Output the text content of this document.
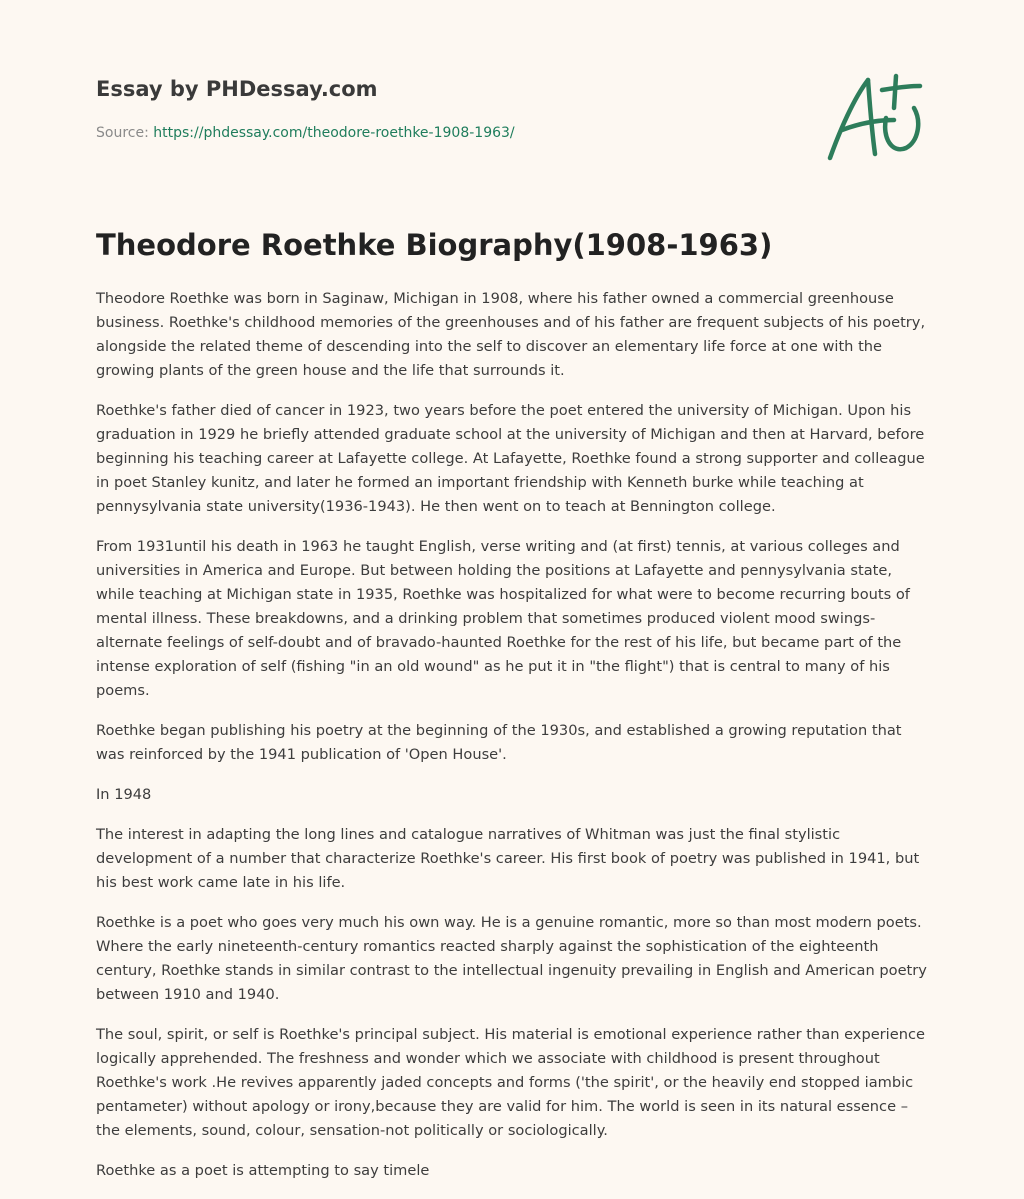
Essay by PHDessay.com
Source: https://phdessay.com/theodore-roethke-1908-1963/
Theodore Roethke Biography(1908-1963)

Theodore Roethke was born in Saginaw, Michigan in 1908, where his father owned a commercial greenhouse business. Roethke's childhood memories of the greenhouses and of his father are frequent subjects of his poetry, alongside the related theme of descending into the self to discover an elementary life force at one with the growing plants of the green house and the life that surrounds it.

Roethke's father died of cancer in 1923, two years before the poet entered the university of Michigan. Upon his graduation in 1929 he briefly attended graduate school at the university of Michigan and then at Harvard, before beginning his teaching career at Lafayette college. At Lafayette, Roethke found a strong supporter and colleague in poet Stanley kunitz, and later he formed an important friendship with Kenneth burke while teaching at pennysylvania state university(1936-1943). He then went on to teach at Bennington college.

From 1931until his death in 1963 he taught English, verse writing and (at first) tennis, at various colleges and universities in America and Europe. But between holding the positions at Lafayette and pennysylvania state, while teaching at Michigan state in 1935, Roethke was hospitalized for what were to become recurring bouts of mental illness. These breakdowns, and a drinking problem that sometimes produced violent mood swings-alternate feelings of self-doubt and of bravado-haunted Roethke for the rest of his life, but became part of the intense exploration of self (fishing "in an old wound" as he put it in "the flight") that is central to many of his poems.

Roethke began publishing his poetry at the beginning of the 1930s, and established a growing reputation that was reinforced by the 1941 publication of 'Open House'.

In 1948

The interest in adapting the long lines and catalogue narratives of Whitman was just the final stylistic development of a number that characterize Roethke's career. His first book of poetry was published in 1941, but his best work came late in his life.

Roethke is a poet who goes very much his own way. He is a genuine romantic, more so than most modern poets. Where the early nineteenth-century romantics reacted sharply against the sophistication of the eighteenth century, Roethke stands in similar contrast to the intellectual ingenuity prevailing in English and American poetry between 1910 and 1940.

The soul, spirit, or self is Roethke's principal subject. His material is emotional experience rather than experience logically apprehended. The freshness and wonder which we associate with childhood is present throughout Roethke's work .He revives apparently jaded concepts and forms ('the spirit', or the heavily end stopped iambic pentameter) without apology or irony,because they are valid for him. The world is seen in its natural essence –the elements, sound, colour, sensation-not politically or sociologically.

Roethke as a poet is attempting to say timele
